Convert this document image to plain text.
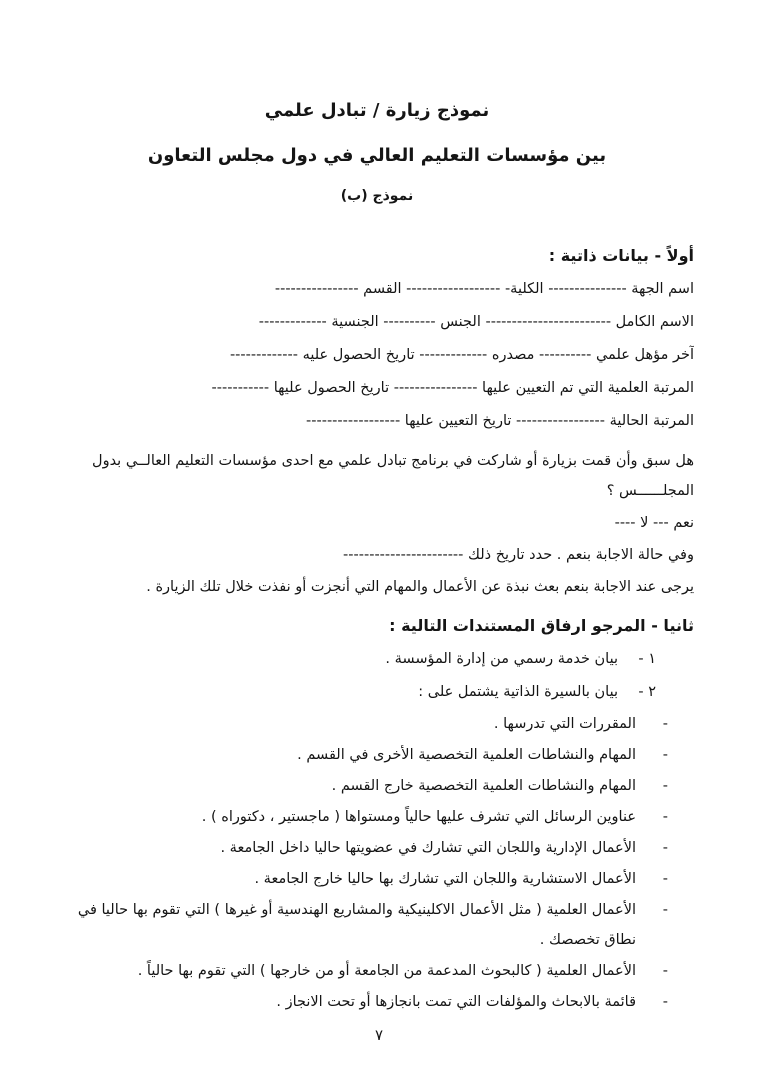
نموذج زيارة / تبادل علمي
بين مؤسسات التعليم العالي في دول مجلس التعاون
نموذج (ب)
أولاً - بيانات ذاتية :
اسم الجهة --------------- الكلية- ------------------ القسم ----------------
الاسم الكامل ------------------------ الجنس ---------- الجنسية -------------
آخر مؤهل علمي ---------- مصدره ------------- تاريخ الحصول عليه -------------
المرتبة العلمية التي تم التعيين عليها ---------------- تاريخ الحصول عليها -----------
المرتبة الحالية ----------------- تاريخ التعيين عليها ------------------

هل سبق وأن قمت بزيارة أو شاركت في برنامج تبادل علمي مع احدى مؤسسات التعليم العالــي بدول المجلــــــس ؟

نعم --- لا ----

وفي حالة الاجابة بنعم . حدد تاريخ ذلك -----------------------

يرجى عند الاجابة بنعم بعث نبذة عن الأعمال والمهام التي أنجزت أو نفذت خلال تلك الزيارة .

ثانيا - المرجو ارفاق المستندات التالية :
١ -
بيان خدمة رسمي من إدارة المؤسسة .
٢ -
بيان بالسيرة الذاتية يشتمل على :
-
المقررات التي تدرسها .
-
المهام والنشاطات العلمية التخصصية الأخرى في القسم .
-
المهام والنشاطات العلمية التخصصية خارج القسم .
-
عناوين الرسائل التي تشرف عليها حالياً ومستواها ( ماجستير ، دكتوراه ) .
-
الأعمال الإدارية واللجان التي تشارك في عضويتها حاليا داخل الجامعة .
-
الأعمال الاستشارية واللجان التي تشارك بها حاليا خارج الجامعة .
-
الأعمال العلمية ( مثل الأعمال الاكلينيكية والمشاريع الهندسية أو غيرها ) التي تقوم بها حاليا في نطاق تخصصك .
-
الأعمال العلمية ( كالبحوث المدعمة من الجامعة أو من خارجها ) التي تقوم بها حالياً .
-
قائمة بالابحاث والمؤلفات التي تمت بانجازها أو تحت الانجاز .
٧
